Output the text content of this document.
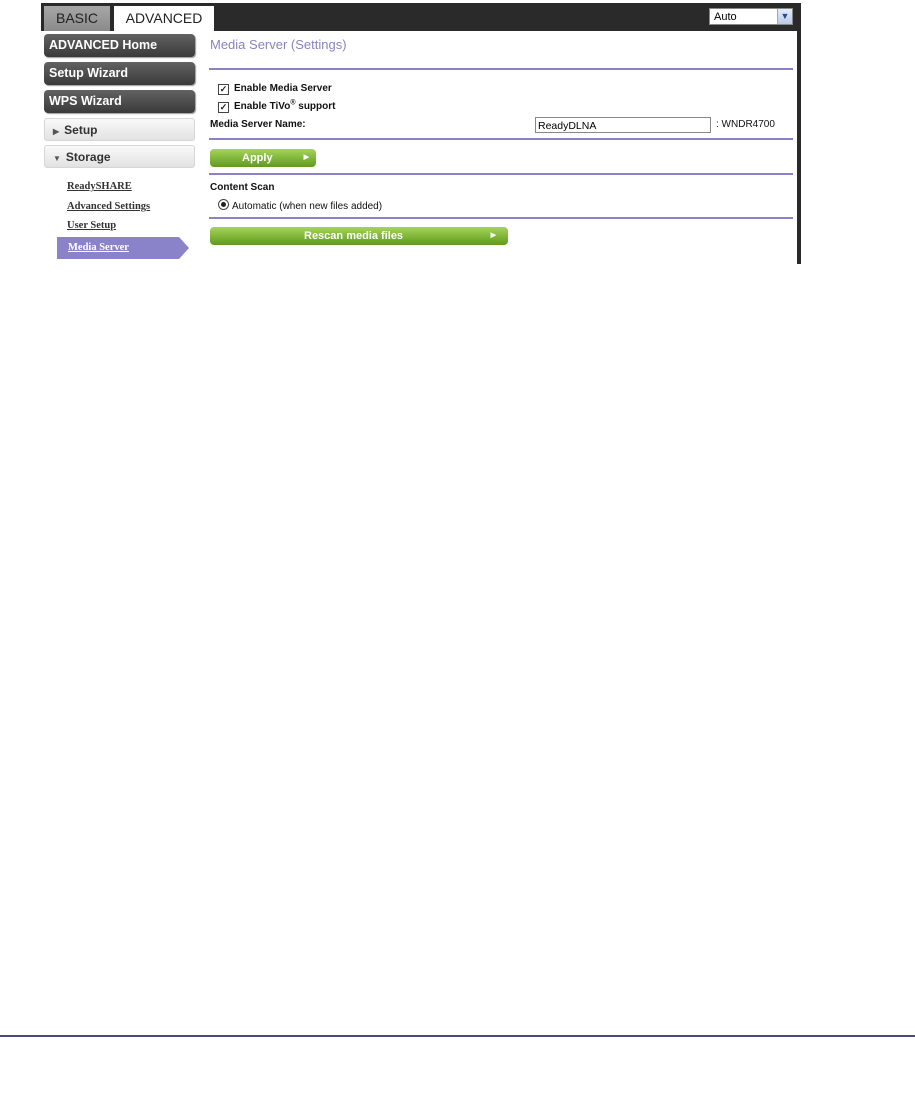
BASIC	ADVANCED	Auto	▼
ADVANCED Home
Setup Wizard
WPS Wizard
▶ Setup
▼ Storage
ReadySHARE
Advanced Settings
User Setup
Media Server
Media Server (Settings)
✓ Enable Media Server
✓ Enable TiVo® support
Media Server Name:	ReadyDLNA	: WNDR4700
Apply	▶
Content Scan
Automatic (when new files added)
Rescan media files	▶
